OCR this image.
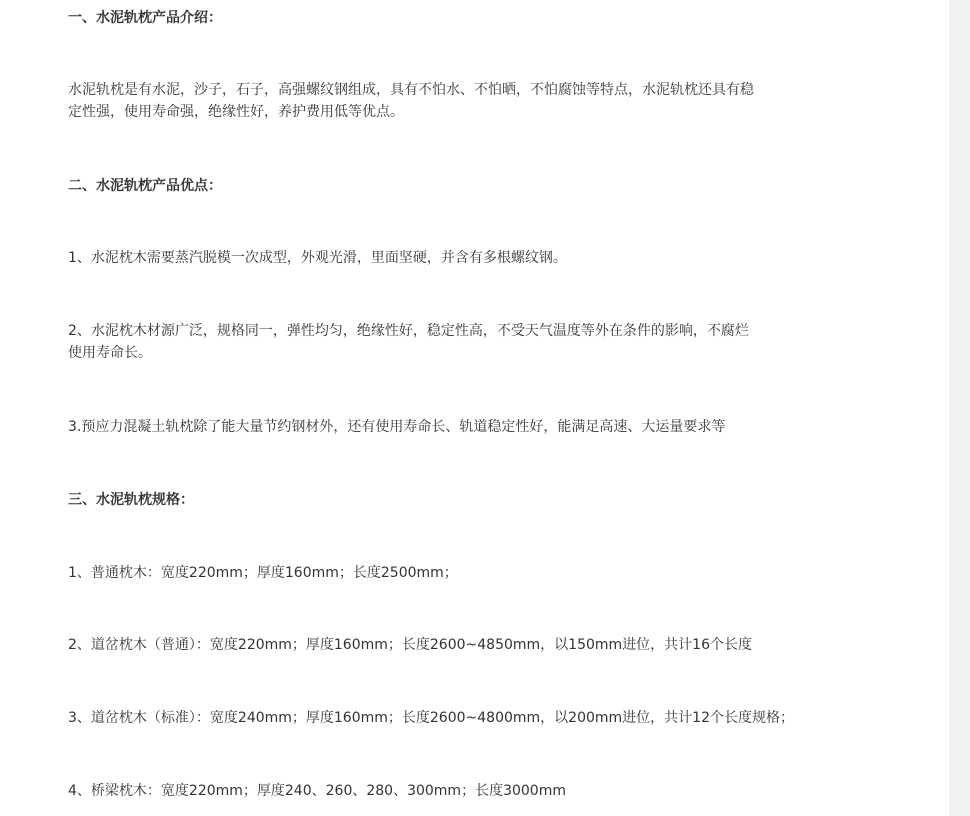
一、水泥轨枕产品介绍：
水泥轨枕是有水泥，沙子，石子，高强螺纹钢组成，具有不怕水、不怕晒，不怕腐蚀等特点，水泥轨枕还具有稳
定性强，使用寿命强，绝缘性好，养护费用低等优点。
二、水泥轨枕产品优点：
1、水泥枕木需要蒸汽脱模一次成型，外观光滑，里面坚硬，并含有多根螺纹钢。
2、水泥枕木材源广泛，规格同一，弹性均匀，绝缘性好，稳定性高，不受天气温度等外在条件的影响，不腐烂
使用寿命长。
3.预应力混凝土轨枕除了能大量节约钢材外，还有使用寿命长、轨道稳定性好，能满足高速、大运量要求等
三、水泥轨枕规格：
1、普通枕木：宽度220mm；厚度160mm；长度2500mm；
2、道岔枕木（普通）：宽度220mm；厚度160mm；长度2600~4850mm，以150mm进位，共计16个长度
3、道岔枕木（标准）：宽度240mm；厚度160mm；长度2600~4800mm，以200mm进位，共计12个长度规格；
4、桥梁枕木：宽度220mm；厚度240、260、280、300mm；长度3000mm
